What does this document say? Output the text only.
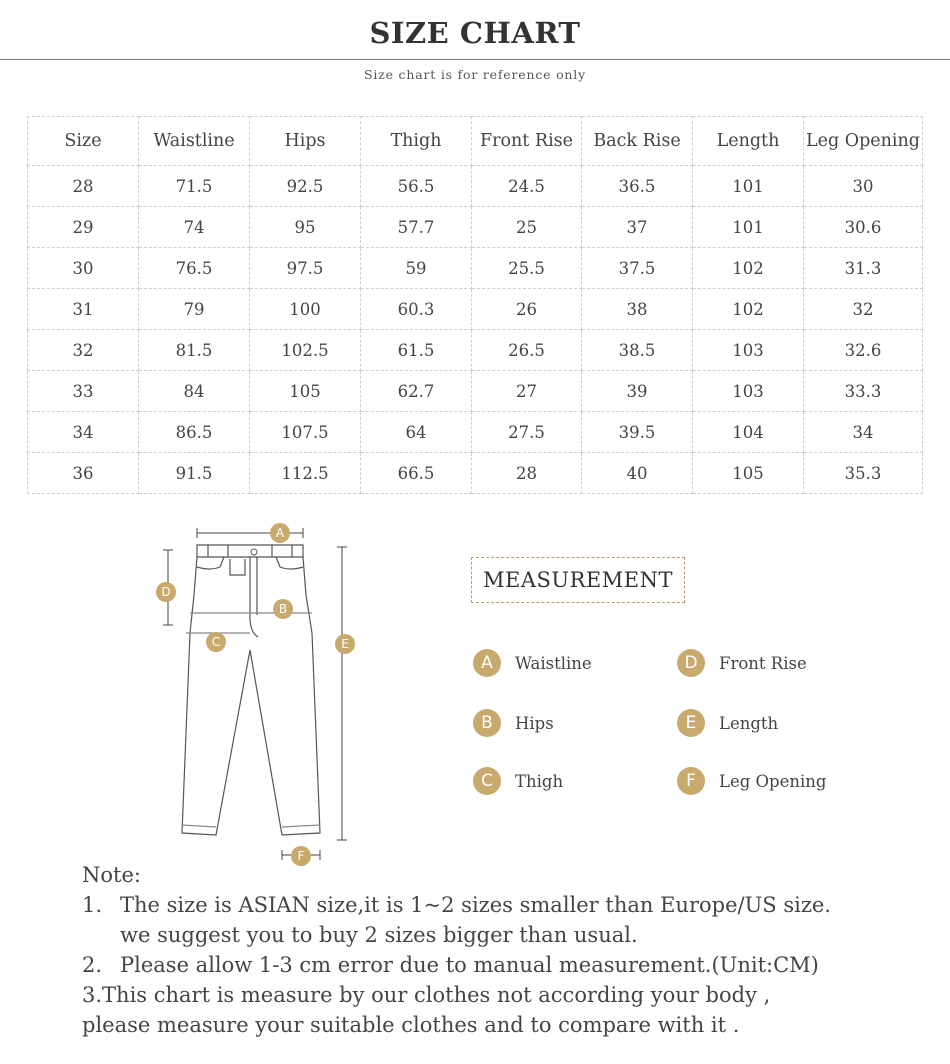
SIZE CHART
Size chart is for reference only
Size	Waistline	Hips	Thigh	Front Rise	Back Rise	Length	Leg Opening
28	71.5	92.5	56.5	24.5	36.5	101	30
29	74	95	57.7	25	37	101	30.6
30	76.5	97.5	59	25.5	37.5	102	31.3
31	79	100	60.3	26	38	102	32
32	81.5	102.5	61.5	26.5	38.5	103	32.6
33	84	105	62.7	27	39	103	33.3
34	86.5	107.5	64	27.5	39.5	104	34
36	91.5	112.5	66.5	28	40	105	35.3
A
B
C
D
E
F
MEASUREMENT
A	Waistline
B	Hips
C	Thigh
D	Front Rise
E	Length
F	Leg Opening
Note:
1. The size is ASIAN size,it is 1~2 sizes smaller than Europe/US size.
we suggest you to buy 2 sizes bigger than usual.
2. Please allow 1-3 cm error due to manual measurement.(Unit:CM)
3.This chart is measure by our clothes not according your body ,
please measure your suitable clothes and to compare with it .
